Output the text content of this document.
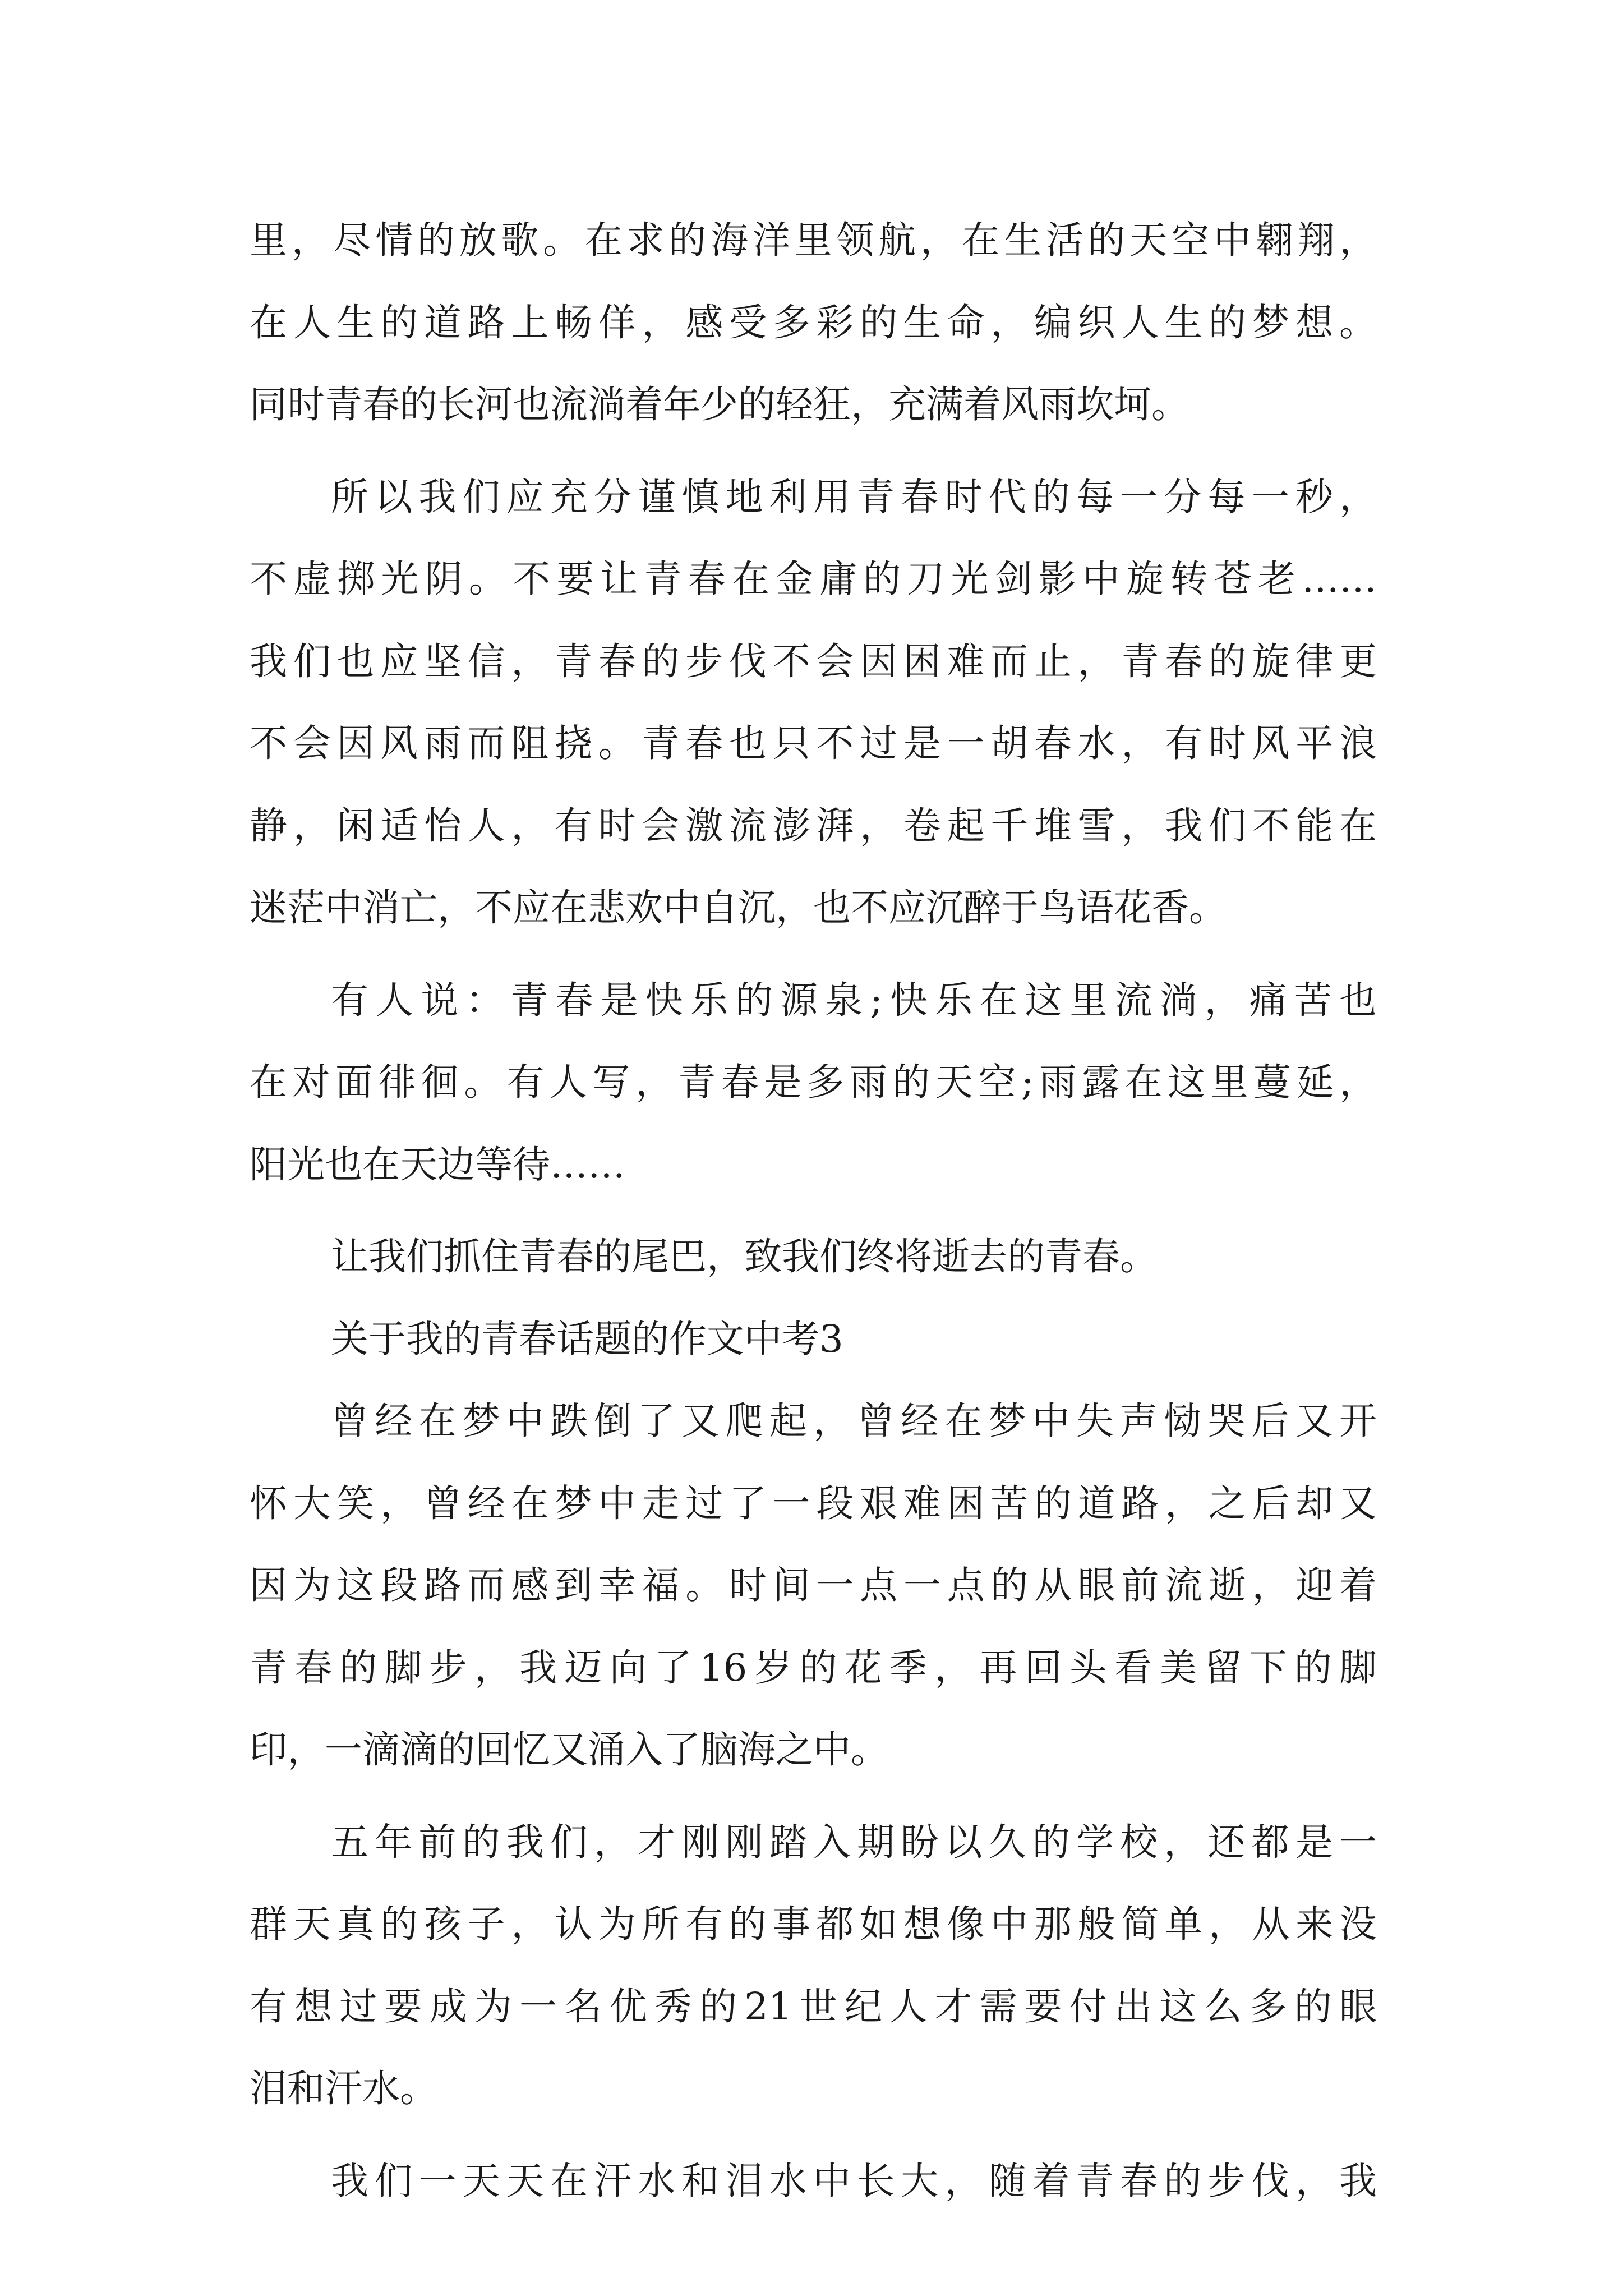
里，尽情的放歌。在求的海洋里领航，在生活的天空中翱翔，
在人生的道路上畅佯，感受多彩的生命，编织人生的梦想。
同时青春的长河也流淌着年少的轻狂，充满着风雨坎坷。
所以我们应充分谨慎地利用青春时代的每一分每一秒，
不虚掷光阴。不要让青春在金庸的刀光剑影中旋转苍老……
我们也应坚信，青春的步伐不会因困难而止，青春的旋律更
不会因风雨而阻挠。青春也只不过是一胡春水，有时风平浪
静，闲适怡人，有时会激流澎湃，卷起千堆雪，我们不能在
迷茫中消亡，不应在悲欢中自沉，也不应沉醉于鸟语花香。
有人说：青春是快乐的源泉;快乐在这里流淌，痛苦也
在对面徘徊。有人写，青春是多雨的天空;雨露在这里蔓延，
阳光也在天边等待……
让我们抓住青春的尾巴，致我们终将逝去的青春。
关于我的青春话题的作文中考3
曾经在梦中跌倒了又爬起，曾经在梦中失声恸哭后又开
怀大笑，曾经在梦中走过了一段艰难困苦的道路，之后却又
因为这段路而感到幸福。时间一点一点的从眼前流逝，迎着
青春的脚步，我迈向了16岁的花季，再回头看美留下的脚
印，一滴滴的回忆又涌入了脑海之中。
五年前的我们，才刚刚踏入期盼以久的学校，还都是一
群天真的孩子，认为所有的事都如想像中那般简单，从来没
有想过要成为一名优秀的21世纪人才需要付出这么多的眼
泪和汗水。
我们一天天在汗水和泪水中长大，随着青春的步伐，我
